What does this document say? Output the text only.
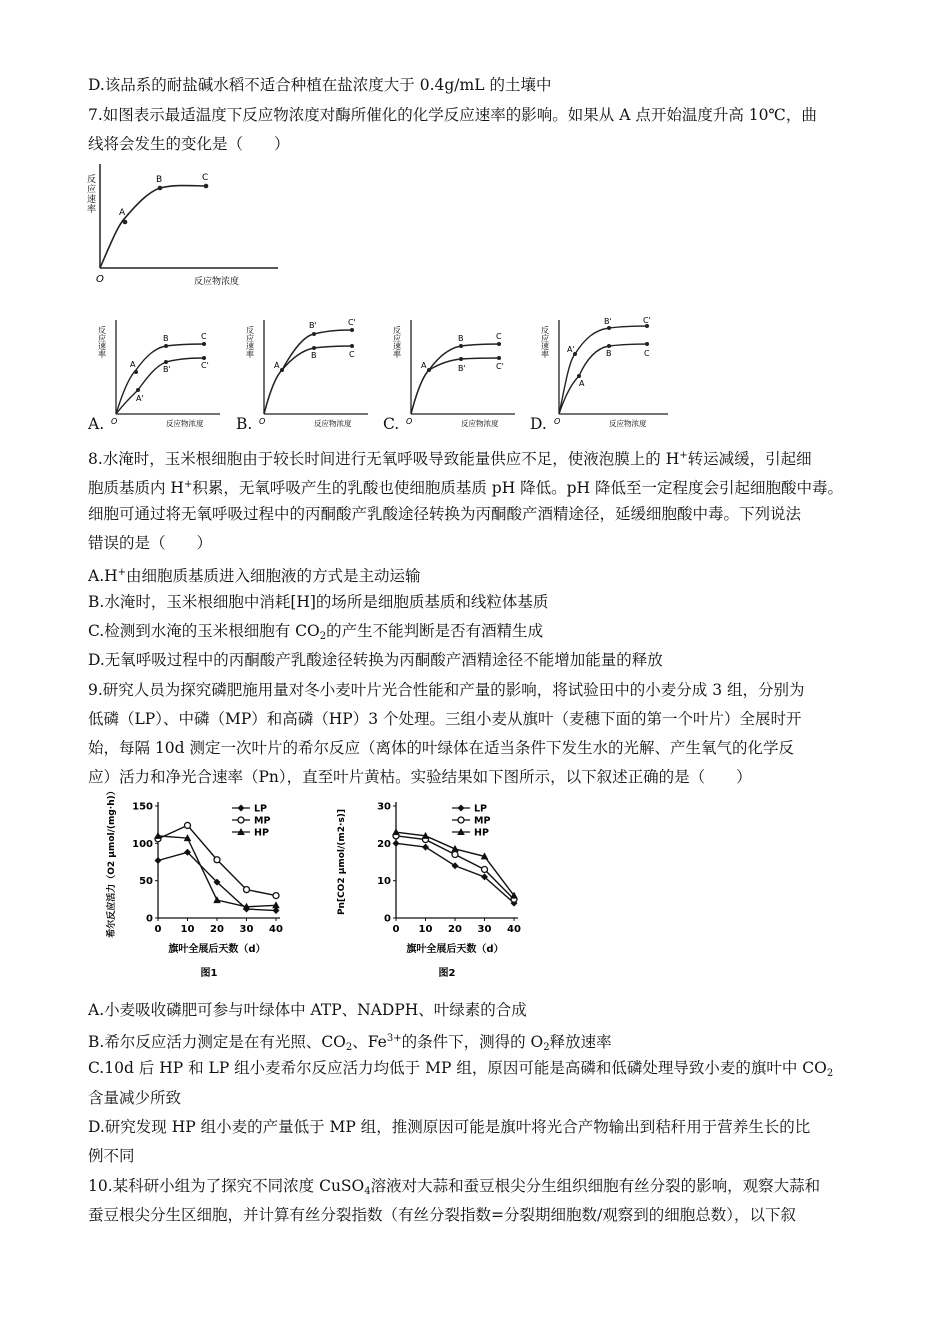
D.该品系的耐盐碱水稻不适合种植在盐浓度大于 0.4g/mL 的土壤中
7.如图表示最适温度下反应物浓度对酶所催化的化学反应速率的影响。如果从 A 点开始温度升高 10℃，曲
线将会发生的变化是（　　）
反应速率
O	反应物浓度
A
B	C
反应速率
O	反应物浓度
A
B	C
A'
B'	C'
A.
反应速率
O	反应物浓度
A
B'	C'
B	C
B.
反应速率
O	反应物浓度
A
B	C
B'	C'
C.
反应速率
O	反应物浓度
A'
B'	C'
A
B	C
D.
8.水淹时，玉米根细胞由于较长时间进行无氧呼吸导致能量供应不足，使液泡膜上的 H+转运减缓，引起细
胞质基质内 H+积累，无氧呼吸产生的乳酸也使细胞质基质 pH 降低。pH 降低至一定程度会引起细胞酸中毒。
细胞可通过将无氧呼吸过程中的丙酮酸产乳酸途径转换为丙酮酸产酒精途径，延缓细胞酸中毒。下列说法
错误的是（　　）
A.H+由细胞质基质进入细胞液的方式是主动运输
B.水淹时，玉米根细胞中消耗[H]的场所是细胞质基质和线粒体基质
C.检测到水淹的玉米根细胞有 $CO_2$的产生不能判断是否有酒精生成
D.无氧呼吸过程中的丙酮酸产乳酸途径转换为丙酮酸产酒精途径不能增加能量的释放
9.研究人员为探究磷肥施用量对冬小麦叶片光合性能和产量的影响，将试验田中的小麦分成 3 组，分别为
低磷（LP）、中磷（MP）和高磷（HP）3 个处理。三组小麦从旗叶（麦穗下面的第一个叶片）全展时开
始，每隔 10d 测定一次叶片的希尔反应（离体的叶绿体在适当条件下发生水的光解、产生氧气的化学反
应）活力和净光合速率（Pn），直至叶片黄枯。实验结果如下图所示，以下叙述正确的是（　　）
0
50
100
150
0 10 20 30 40
希尔反应活力（O2 μmol/(mg·h)）
旗叶全展后天数（d）
图1
LP
MP
HP
0
10
20
30
0 10 20 30 40
Pn[CO2 μmol/(m2·s)]
旗叶全展后天数（d）
图2
LP
MP
HP
A.小麦吸收磷肥可参与叶绿体中 ATP、NADPH、叶绿素的合成
B.希尔反应活力测定是在有光照、$CO_2$、$Fe^{3+}$的条件下，测得的 $O_2$释放速率
C.10d 后 HP 和 LP 组小麦希尔反应活力均低于 MP 组，原因可能是高磷和低磷处理导致小麦的旗叶中 $CO_2$
含量减少所致
D.研究发现 HP 组小麦的产量低于 MP 组，推测原因可能是旗叶将光合产物输出到秸秆用于营养生长的比
例不同
10.某科研小组为了探究不同浓度 CuSO$_4$溶液对大蒜和蚕豆根尖分生组织细胞有丝分裂的影响，观察大蒜和
蚕豆根尖分生区细胞，并计算有丝分裂指数（有丝分裂指数=分裂期细胞数/观察到的细胞总数），以下叙
